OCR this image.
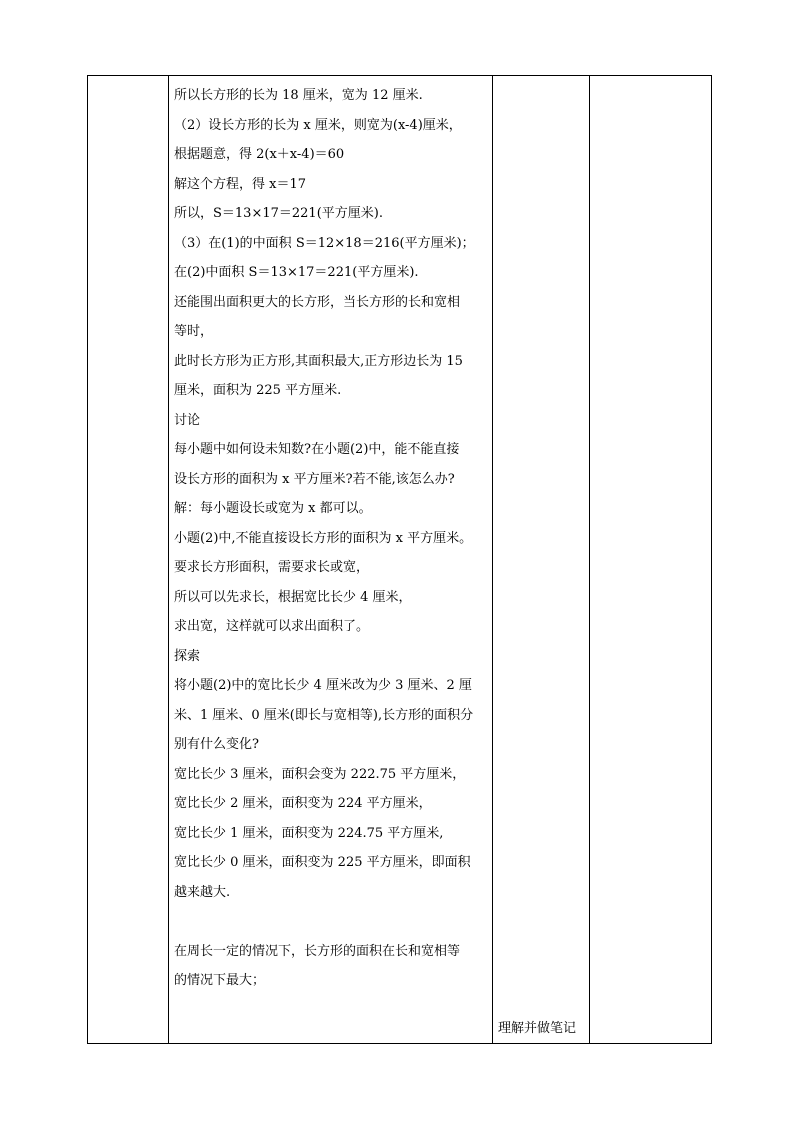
所以长方形的长为 18 厘米，宽为 12 厘米.
（2）设长方形的长为 x 厘米，则宽为(x-4)厘米，
根据题意，得 2(x＋x-4)＝60
解这个方程，得 x＝17
所以，S＝13×17＝221(平方厘米).
（3）在(1)的中面积 S＝12×18＝216(平方厘米)；
在(2)中面积 S＝13×17＝221(平方厘米).
还能围出面积更大的长方形，当长方形的长和宽相
等时，
此时长方形为正方形,其面积最大,正方形边长为 15
厘米，面积为 225 平方厘米.
讨论
每小题中如何设未知数?在小题(2)中，能不能直接
设长方形的面积为 x 平方厘米?若不能,该怎么办?
解：每小题设长或宽为 x 都可以。
小题(2)中,不能直接设长方形的面积为 x 平方厘米。
要求长方形面积，需要求长或宽，
所以可以先求长，根据宽比长少 4 厘米，
求出宽，这样就可以求出面积了。
探索
将小题(2)中的宽比长少 4 厘米改为少 3 厘米、2 厘
米、1 厘米、0 厘米(即长与宽相等),长方形的面积分
别有什么变化?
宽比长少 3 厘米，面积会变为 222.75 平方厘米，
宽比长少 2 厘米，面积变为 224 平方厘米，
宽比长少 1 厘米，面积变为 224.75 平方厘米,
宽比长少 0 厘米，面积变为 225 平方厘米，即面积
越来越大.
在周长一定的情况下，长方形的面积在长和宽相等
的情况下最大；

理解并做笔记
